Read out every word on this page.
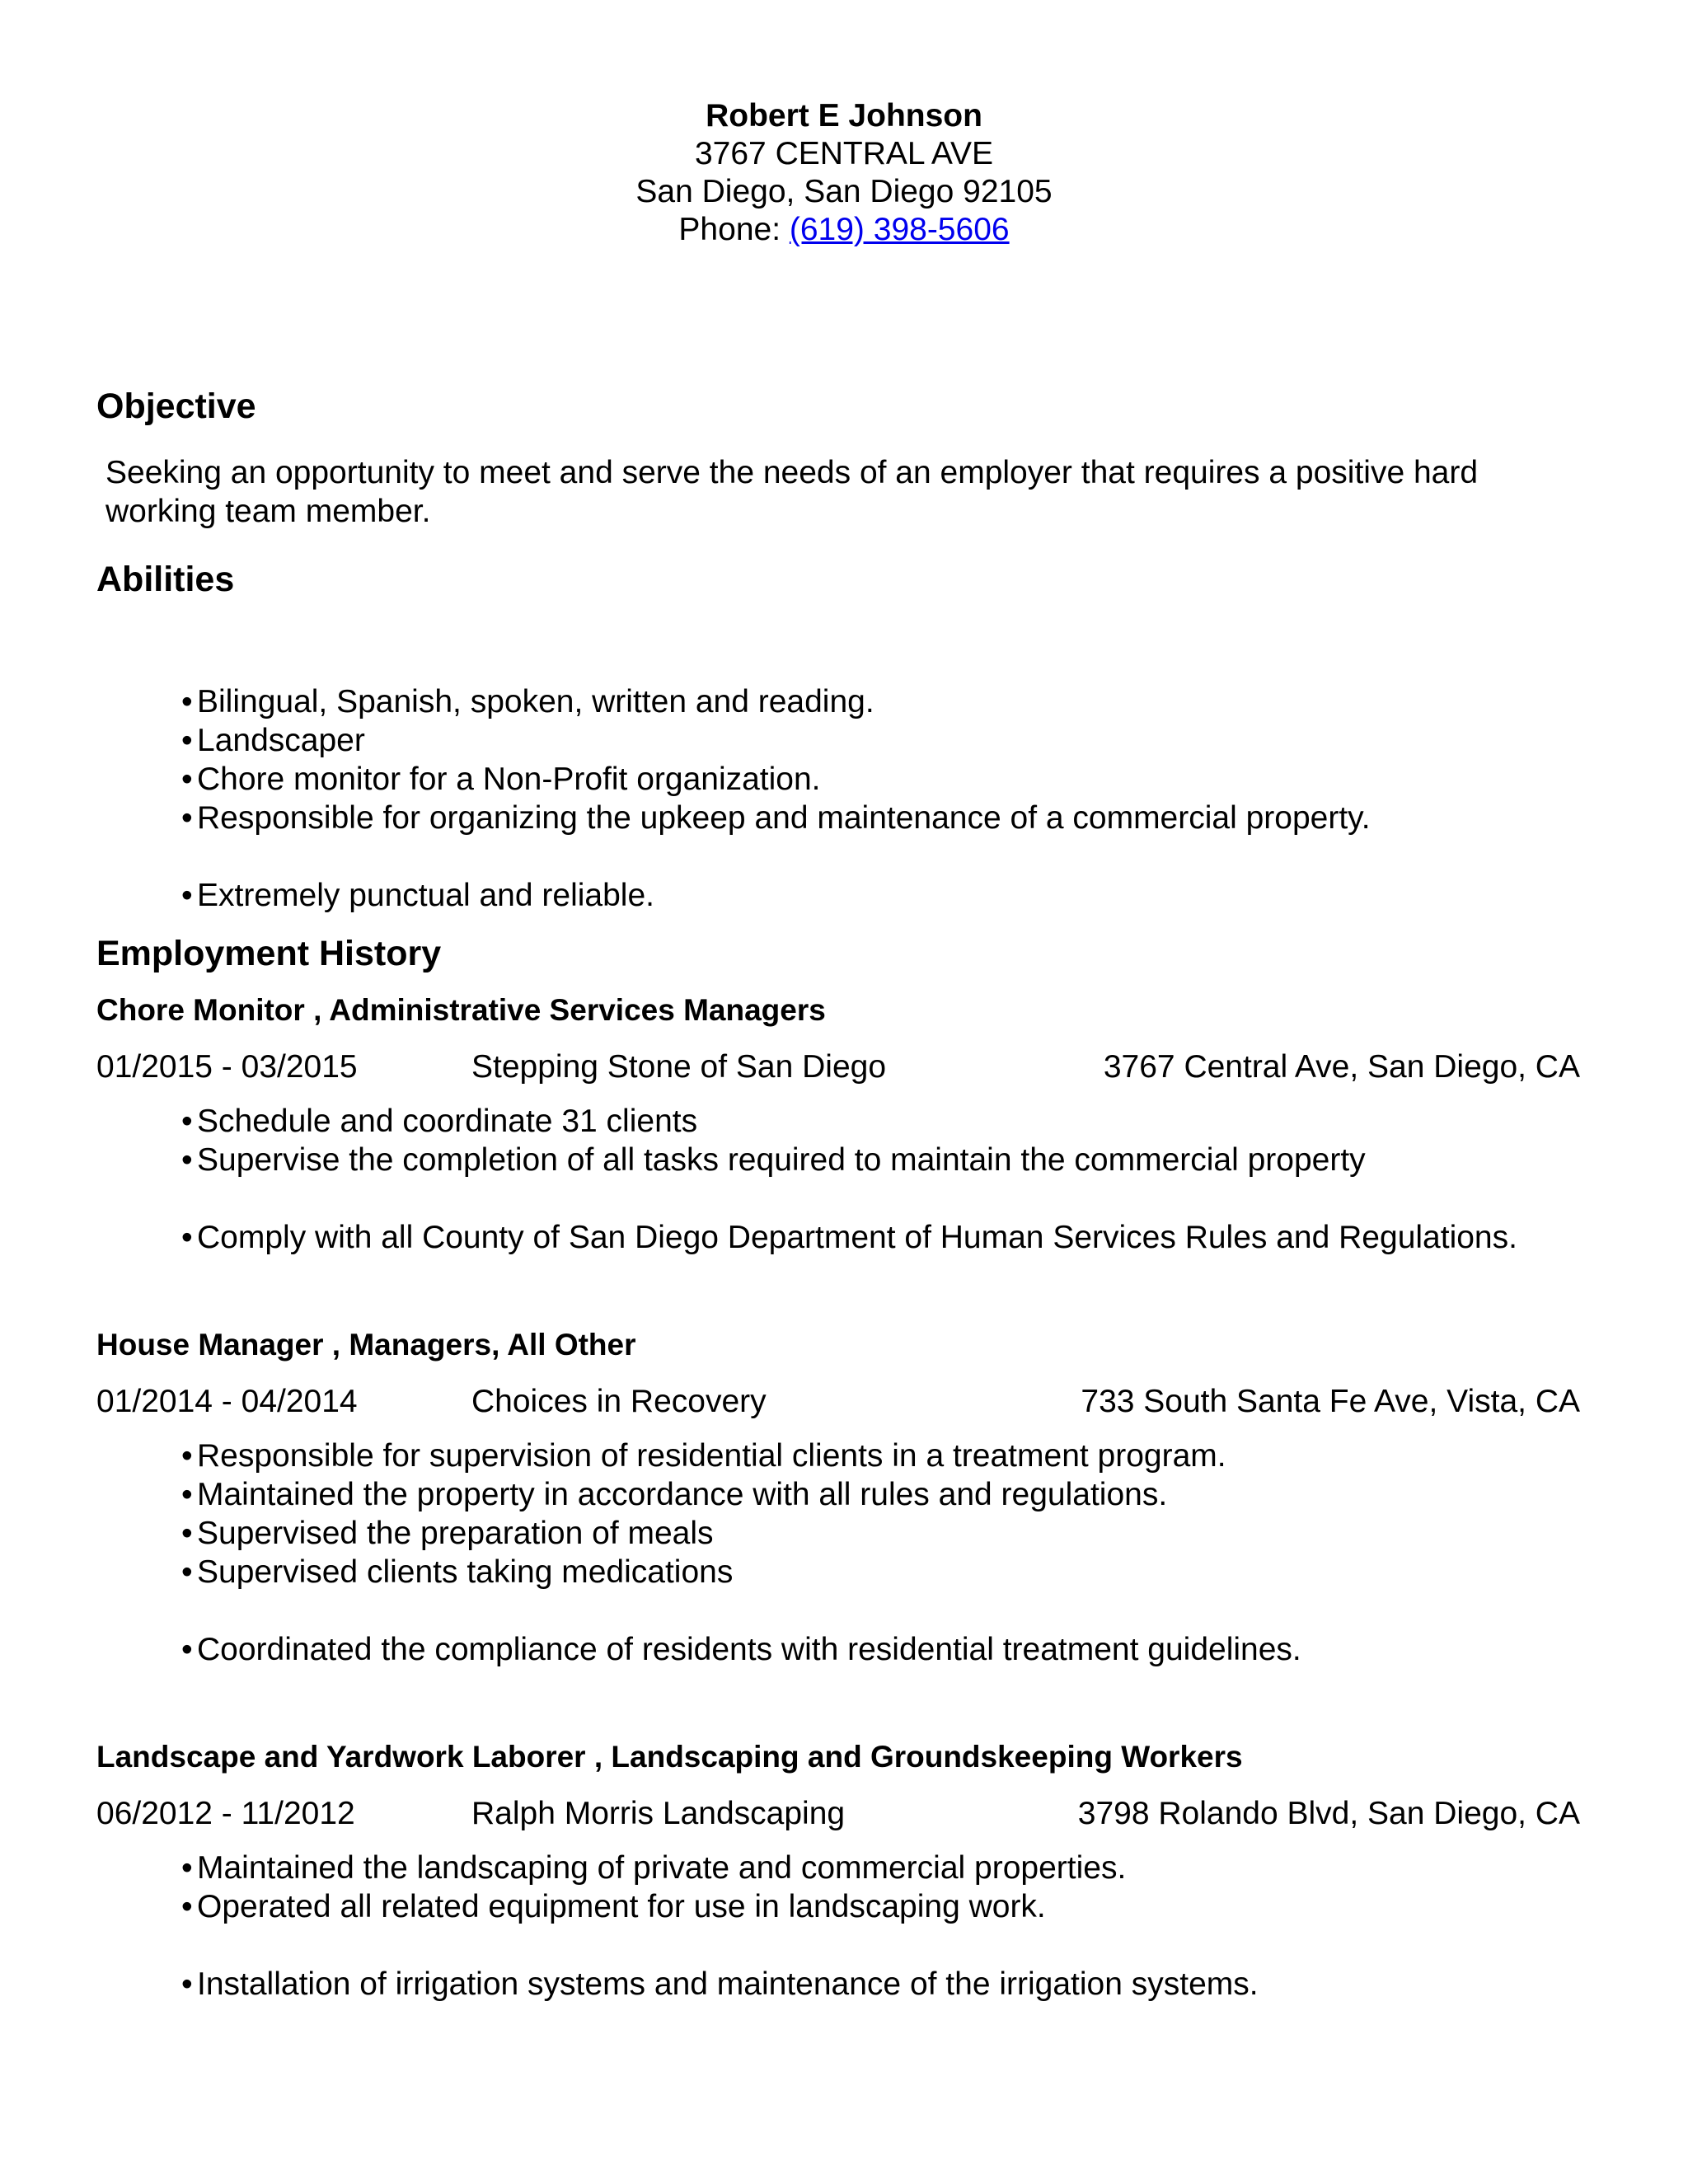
Robert E Johnson
3767 CENTRAL AVE
San Diego, San Diego 92105
Phone: (619) 398-5606
Objective

Seeking an opportunity to meet and serve the needs of an employer that requires a positive hard working team member.

Abilities
• Bilingual, Spanish, spoken, written and reading.
• Landscaper
• Chore monitor for a Non-Profit organization.
• Responsible for organizing the upkeep and maintenance of a commercial property.
• Extremely punctual and reliable.
Employment History
Chore Monitor , Administrative Services Managers
01/2015 - 03/2015	Stepping Stone of San Diego	3767 Central Ave, San Diego, CA
• Schedule and coordinate 31 clients
• Supervise the completion of all tasks required to maintain the commercial property
• Comply with all County of San Diego Department of Human Services Rules and Regulations.
House Manager , Managers, All Other
01/2014 - 04/2014	Choices in Recovery	733 South Santa Fe Ave, Vista, CA
• Responsible for supervision of residential clients in a treatment program.
• Maintained the property in accordance with all rules and regulations.
• Supervised the preparation of meals
• Supervised clients taking medications
• Coordinated the compliance of residents with residential treatment guidelines.
Landscape and Yardwork Laborer , Landscaping and Groundskeeping Workers
06/2012 - 11/2012	Ralph Morris Landscaping	3798 Rolando Blvd, San Diego, CA
• Maintained the landscaping of private and commercial properties.
• Operated all related equipment for use in landscaping work.
• Installation of irrigation systems and maintenance of the irrigation systems.
